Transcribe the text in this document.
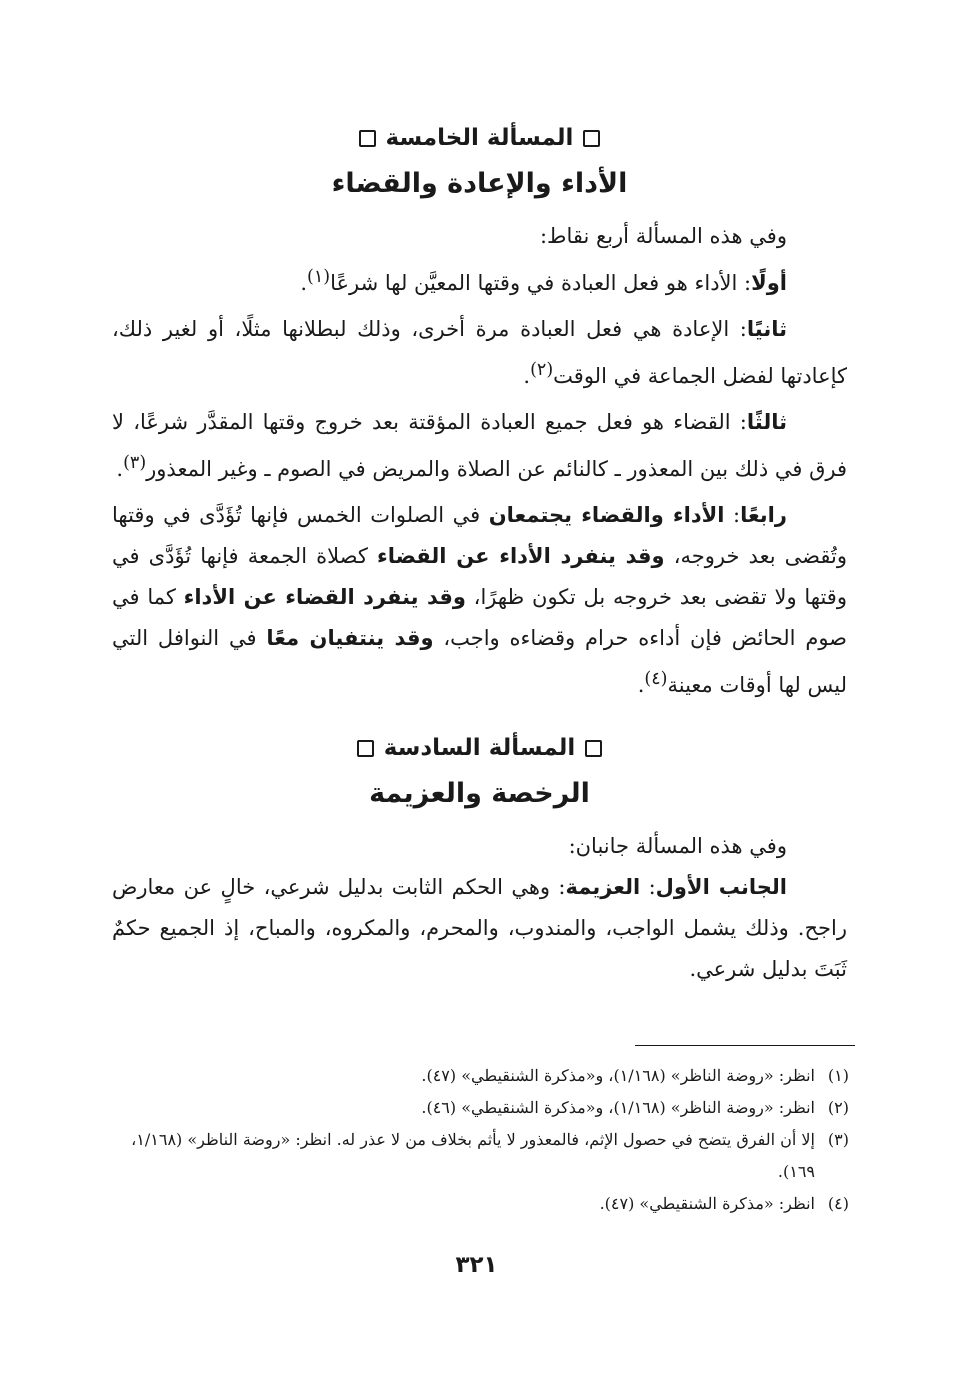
المسألة الخامسة
الأداء والإعادة والقضاء

وفي هذه المسألة أربع نقاط:

أولًا: الأداء هو فعل العبادة في وقتها المعيَّن لها شرعًا$^{(١)}$.

ثانيًا: الإعادة هي فعل العبادة مرة أخرى، وذلك لبطلانها مثلًا، أو لغير ذلك، كإعادتها لفضل الجماعة في الوقت$^{(٢)}$.

ثالثًا: القضاء هو فعل جميع العبادة المؤقتة بعد خروج وقتها المقدَّر شرعًا، لا فرق في ذلك بين المعذور ـ كالنائم عن الصلاة والمريض في الصوم ـ وغير المعذور$^{(٣)}$.

رابعًا: الأداء والقضاء يجتمعان في الصلوات الخمس فإنها تُؤَدَّى في وقتها وتُقضى بعد خروجه، وقد ينفرد الأداء عن القضاء كصلاة الجمعة فإنها تُؤَدَّى في وقتها ولا تقضى بعد خروجه بل تكون ظهرًا، وقد ينفرد القضاء عن الأداء كما في صوم الحائض فإن أداءه حرام وقضاءه واجب، وقد ينتفيان معًا في النوافل التي ليس لها أوقات معينة$^{(٤)}$.

المسألة السادسة
الرخصة والعزيمة

وفي هذه المسألة جانبان:

الجانب الأول: العزيمة: وهي الحكم الثابت بدليل شرعي، خالٍ عن معارض راجح. وذلك يشمل الواجب، والمندوب، والمحرم، والمكروه، والمباح، إذ الجميع حكمٌ ثَبَتَ بدليل شرعي.

(١)
انظر: «روضة الناظر» (١/١٦٨)، و«مذكرة الشنقيطي» (٤٧).
(٢)
انظر: «روضة الناظر» (١/١٦٨)، و«مذكرة الشنقيطي» (٤٦).
(٣)
إلا أن الفرق يتضح في حصول الإثم، فالمعذور لا يأثم بخلاف من لا عذر له. انظر: «روضة الناظر» (١/١٦٨، ١٦٩).
(٤)
انظر: «مذكرة الشنقيطي» (٤٧).
٣٢١
